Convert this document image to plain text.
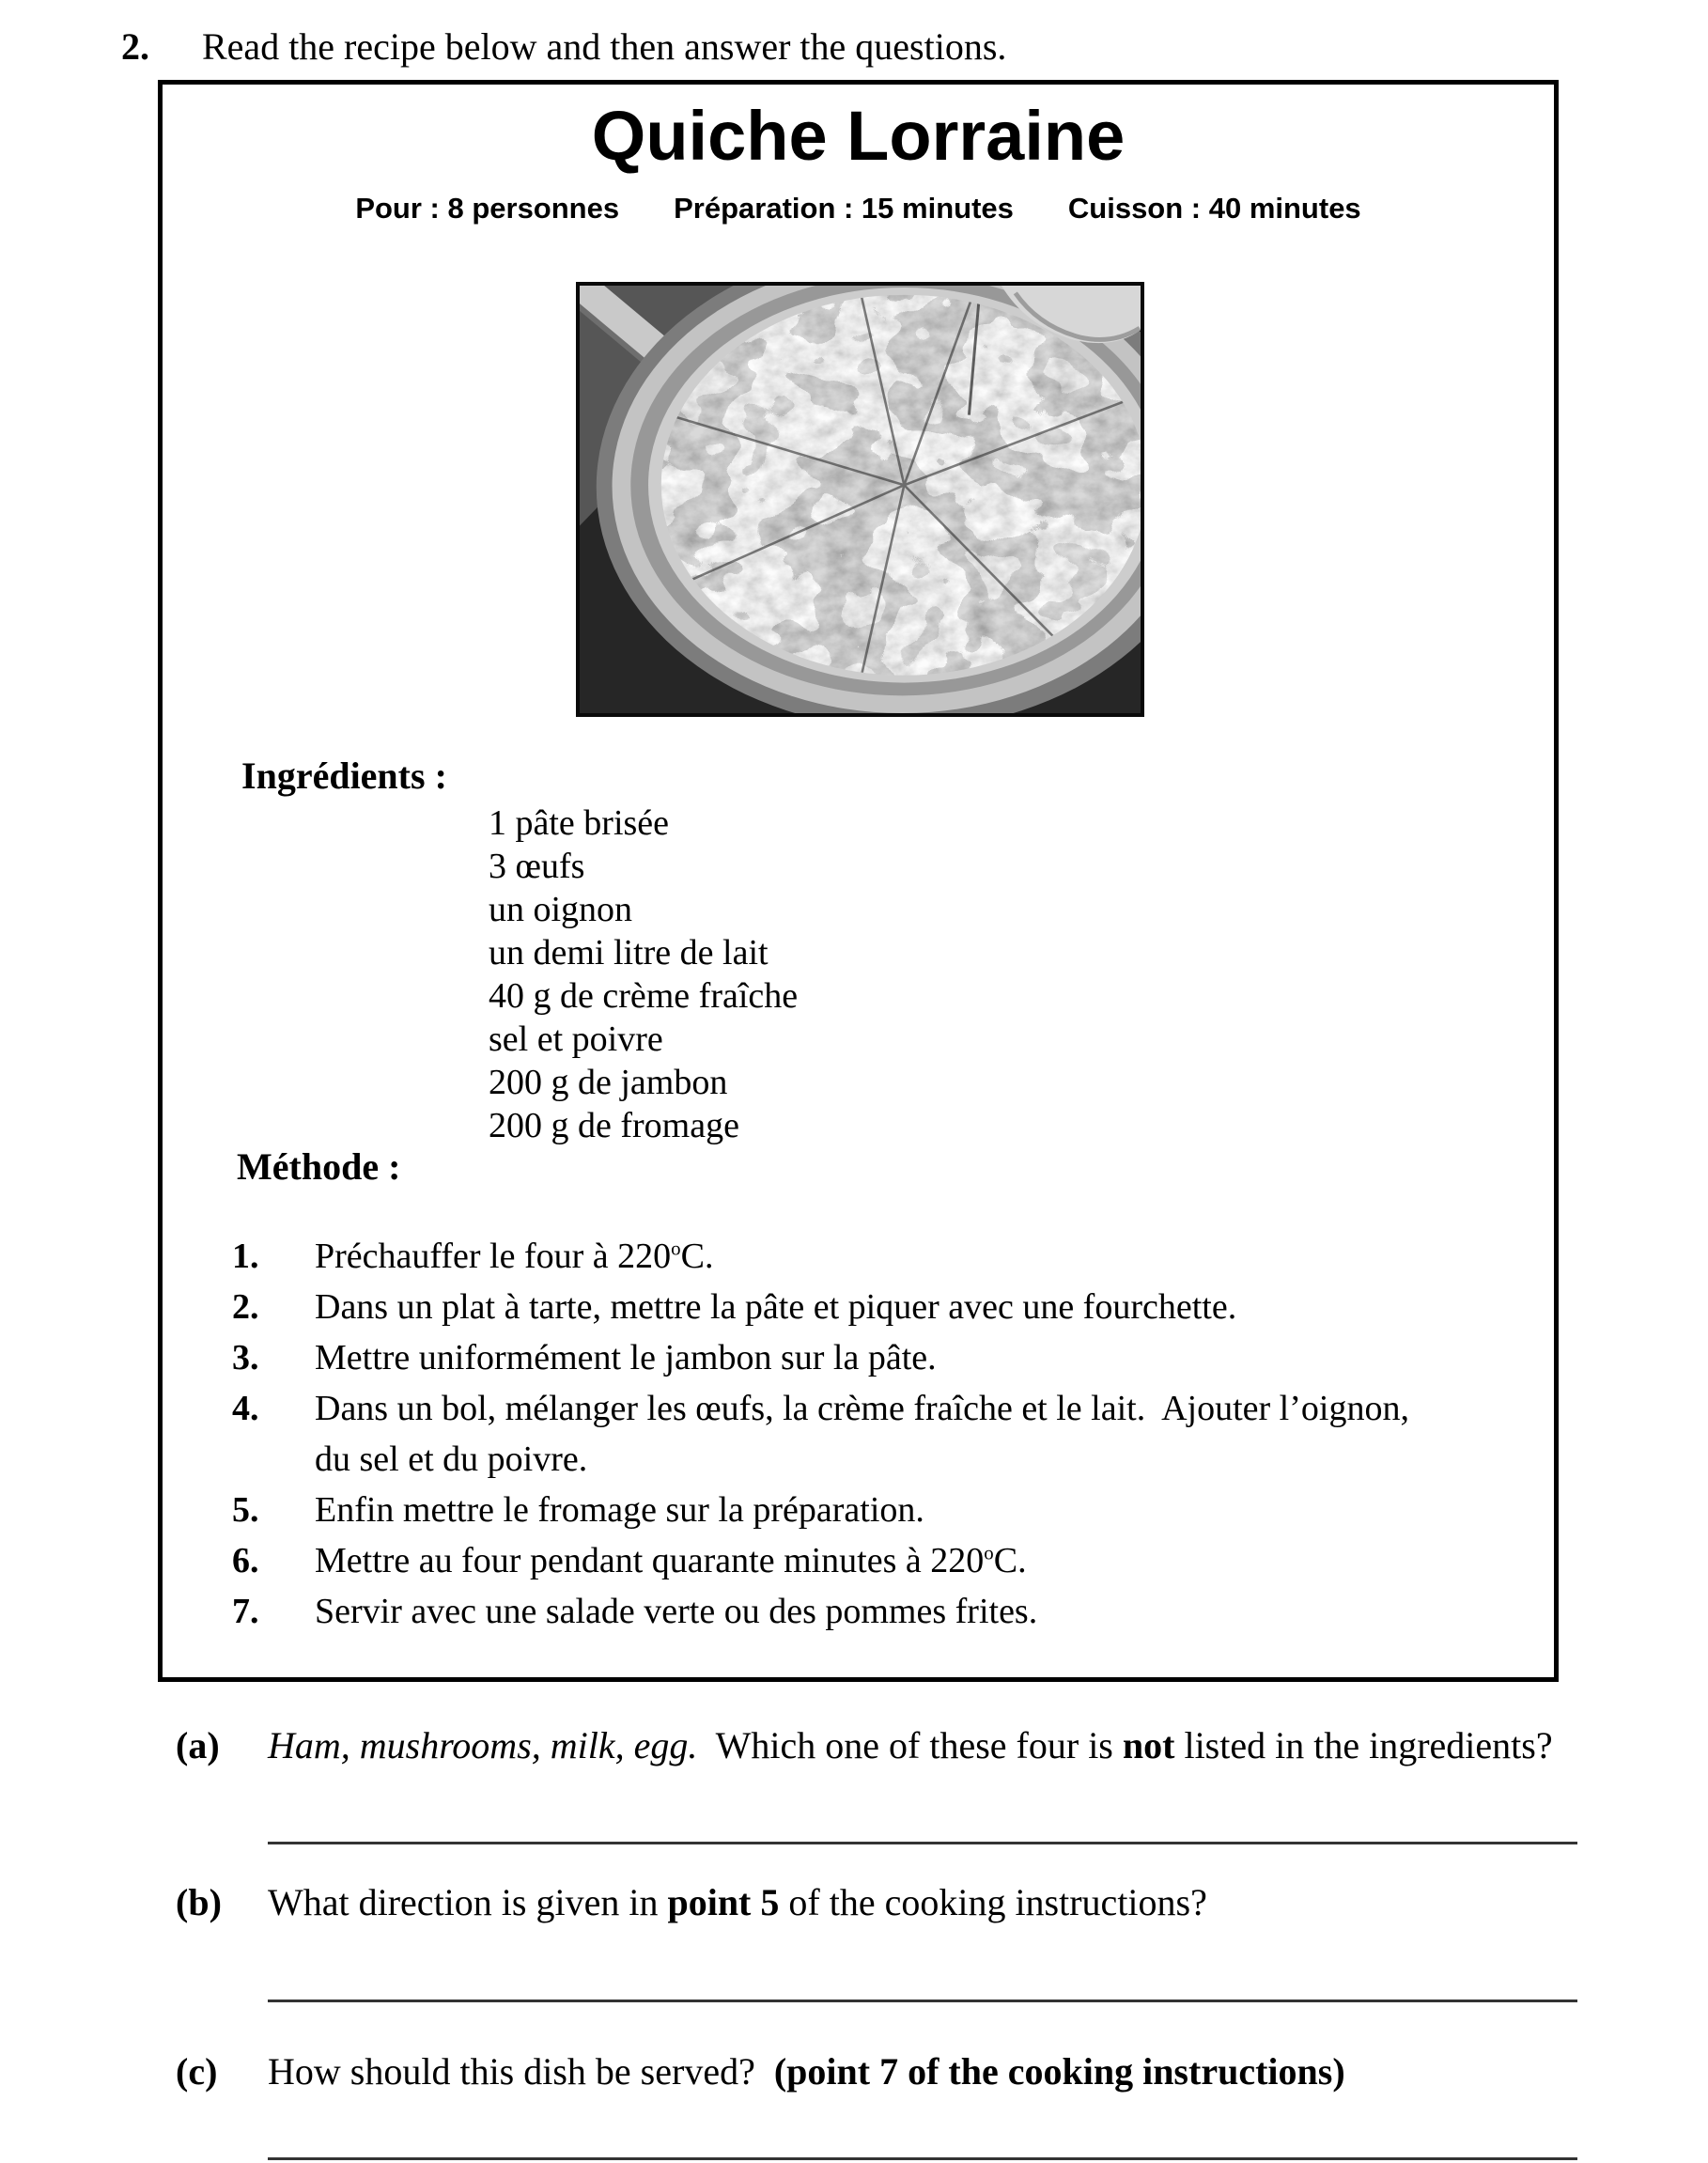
2. Read the recipe below and then answer the questions.
Quiche Lorraine
Pour : 8 personnes Préparation : 15 minutes Cuisson : 40 minutes
Ingrédients :
1 pâte brisée
3 œufs
un oignon
un demi litre de lait
40 g de crème fraîche
sel et poivre
200 g de jambon
200 g de fromage
Méthode :
1.	Préchauffer le four à 220$^o$C.
2.	Dans un plat à tarte, mettre la pâte et piquer avec une fourchette.
3.	Mettre uniformément le jambon sur la pâte.
4.	Dans un bol, mélanger les œufs, la crème fraîche et le lait.  Ajouter l’oignon,
du sel et du poivre.
5.	Enfin mettre le fromage sur la préparation.
6.	Mettre au four pendant quarante minutes à 220$^o$C.
7.	Servir avec une salade verte ou des pommes frites.
(a)	Ham, mushrooms, milk, egg.  Which one of these four is not listed in the ingredients?
(b)	What direction is given in point 5 of the cooking instructions?
(c)	How should this dish be served?  (point 7 of the cooking instructions)
